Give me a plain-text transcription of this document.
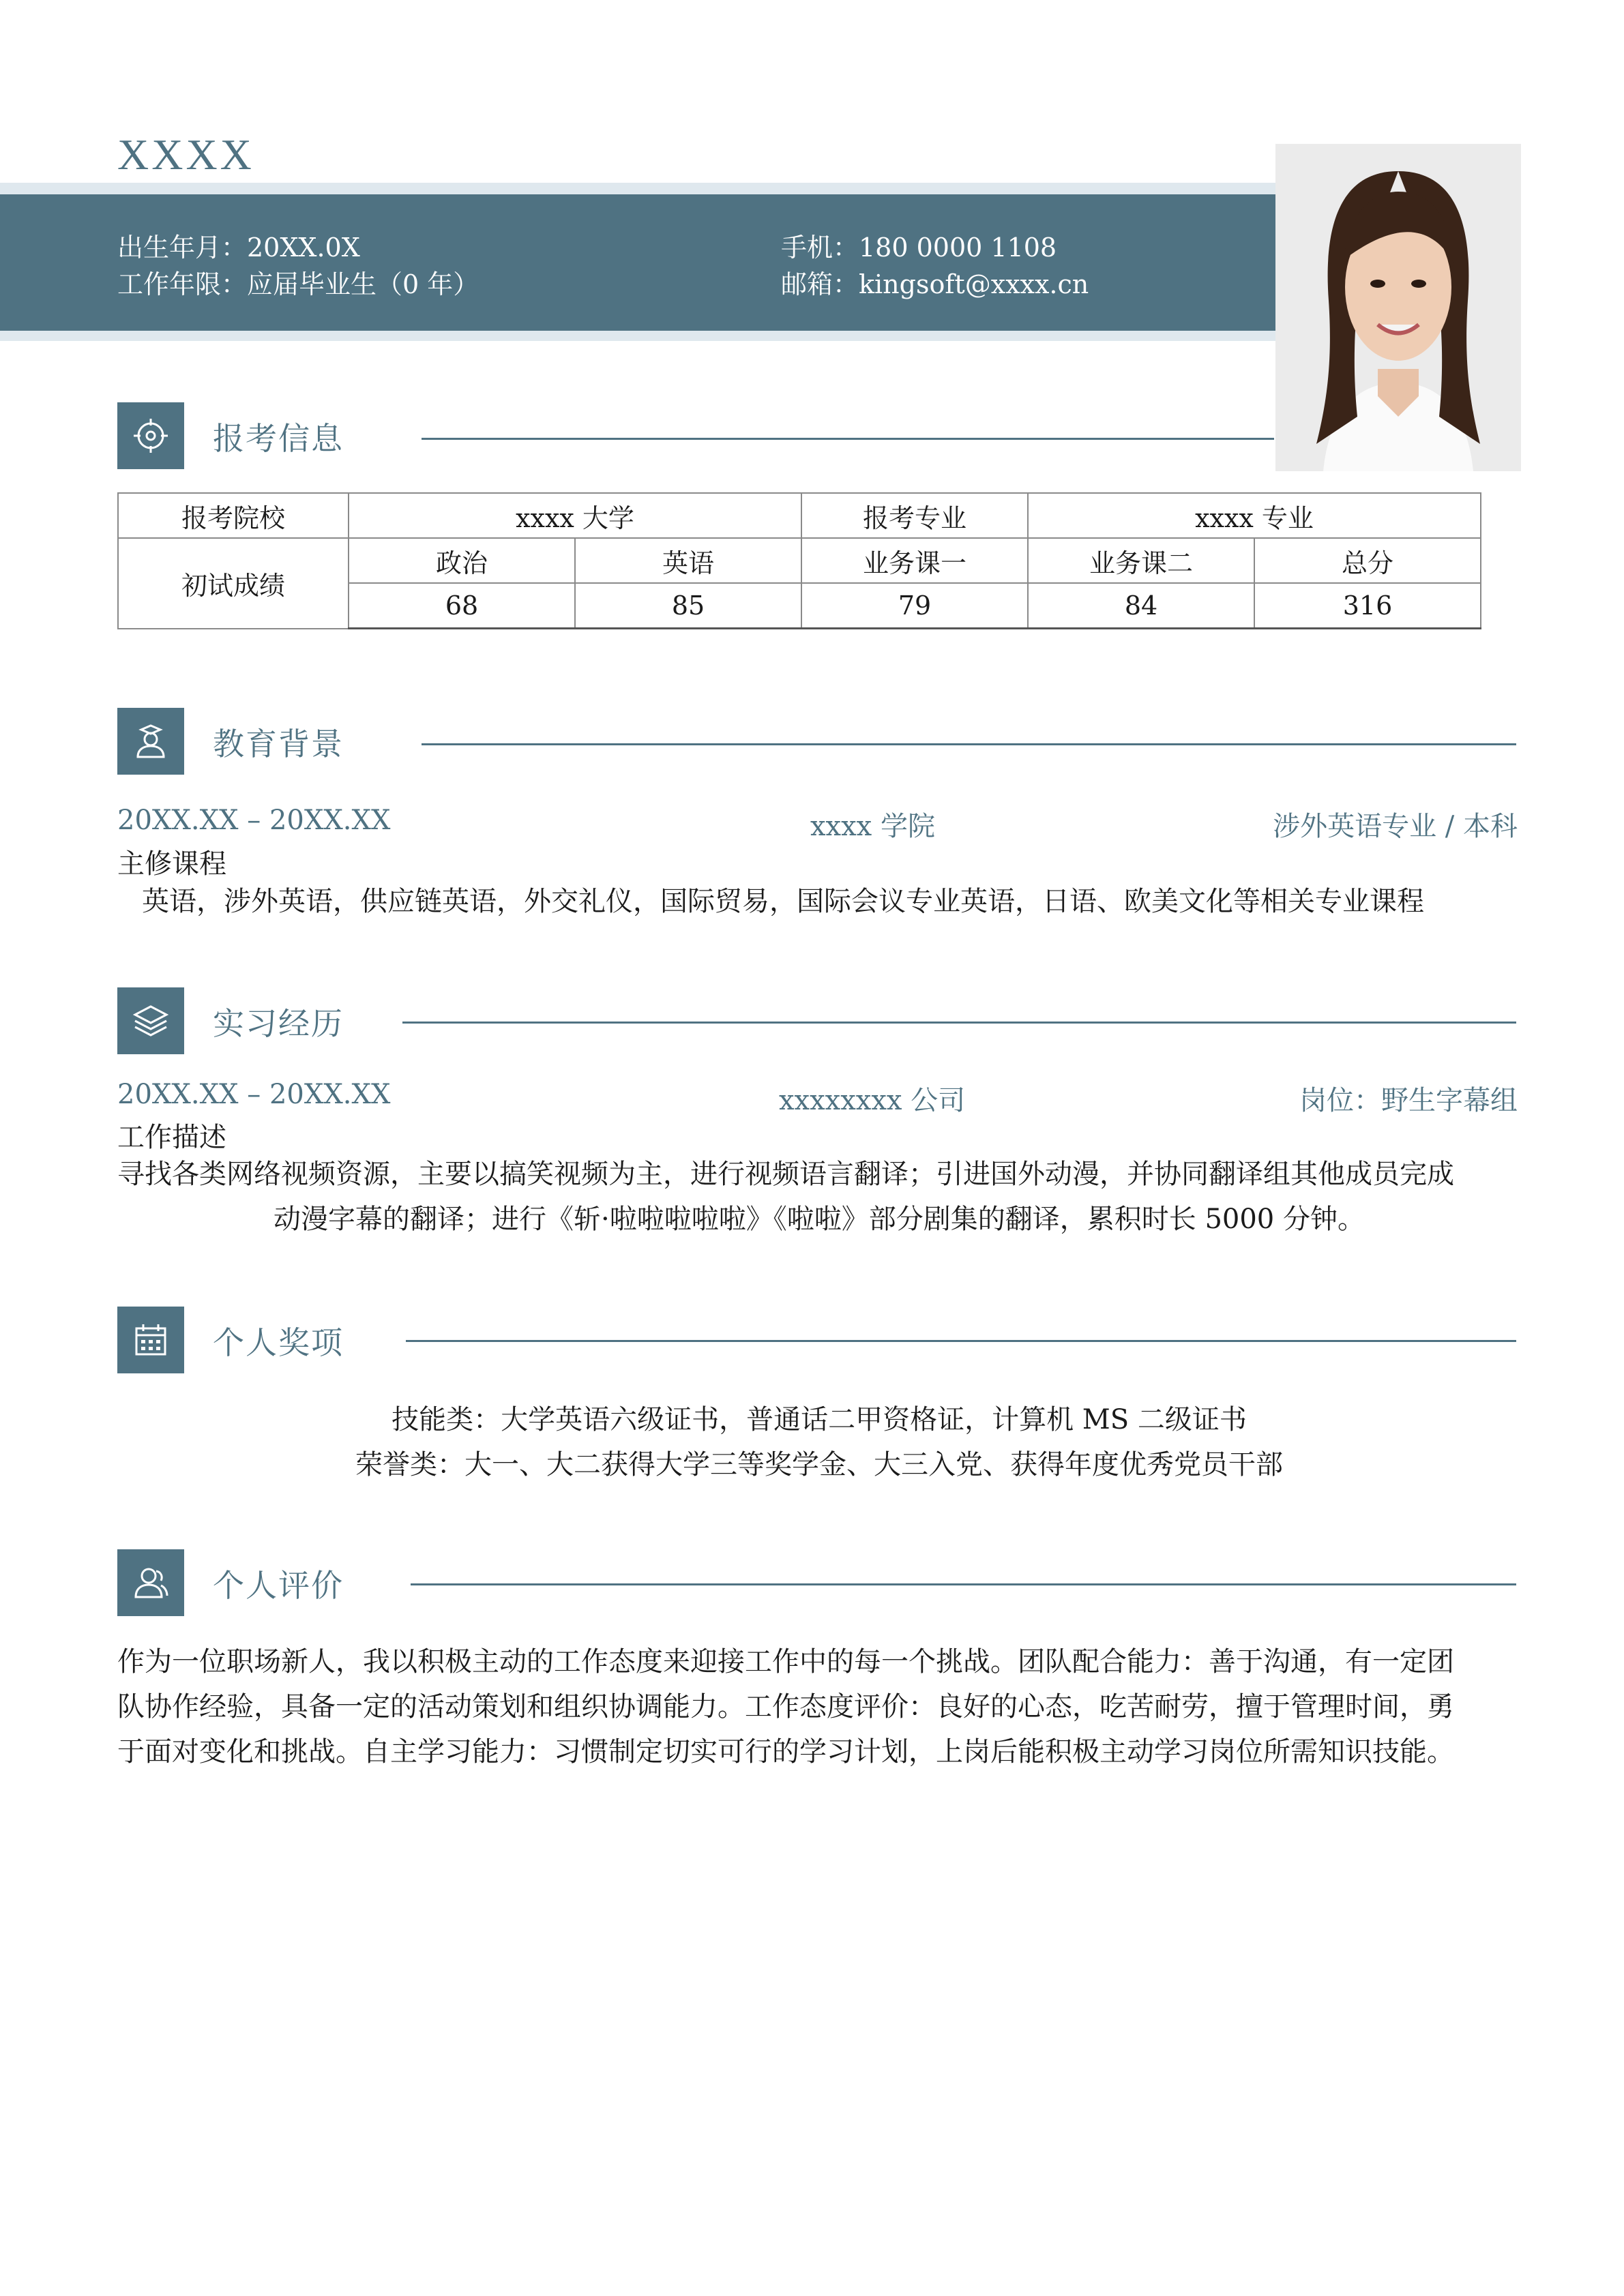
XXXX
出生年月：20XX.0X
工作年限：应届毕业生（0 年）
手机：180 0000 1108
邮箱：kingsoft@xxxx.cn
报考信息
报考院校	xxxx 大学		报考专业	xxxx 专业	
初试成绩	政治	英语	业务课一	业务课二	总分
	68	85	79	84	316
教育背景
20XX.XX – 20XX.XX	xxxx 学院	涉外英语专业 / 本科
主修课程
英语，涉外英语，供应链英语，外交礼仪，国际贸易，国际会议专业英语，日语、欧美文化等相关专业课程
实习经历
20XX.XX – 20XX.XX	xxxxxxxx 公司	岗位：野生字幕组
工作描述
寻找各类网络视频资源，主要以搞笑视频为主，进行视频语言翻译；引进国外动漫，并协同翻译组其他成员完成
动漫字幕的翻译；进行《斩·啦啦啦啦啦》《啦啦》部分剧集的翻译，累积时长 5000 分钟。
个人奖项
技能类：大学英语六级证书，普通话二甲资格证，计算机 MS 二级证书
荣誉类：大一、大二获得大学三等奖学金、大三入党、获得年度优秀党员干部
个人评价
作为一位职场新人，我以积极主动的工作态度来迎接工作中的每一个挑战。团队配合能力：善于沟通，有一定团
队协作经验，具备一定的活动策划和组织协调能力。工作态度评价：良好的心态，吃苦耐劳，擅于管理时间，勇
于面对变化和挑战。自主学习能力：习惯制定切实可行的学习计划，上岗后能积极主动学习岗位所需知识技能。
